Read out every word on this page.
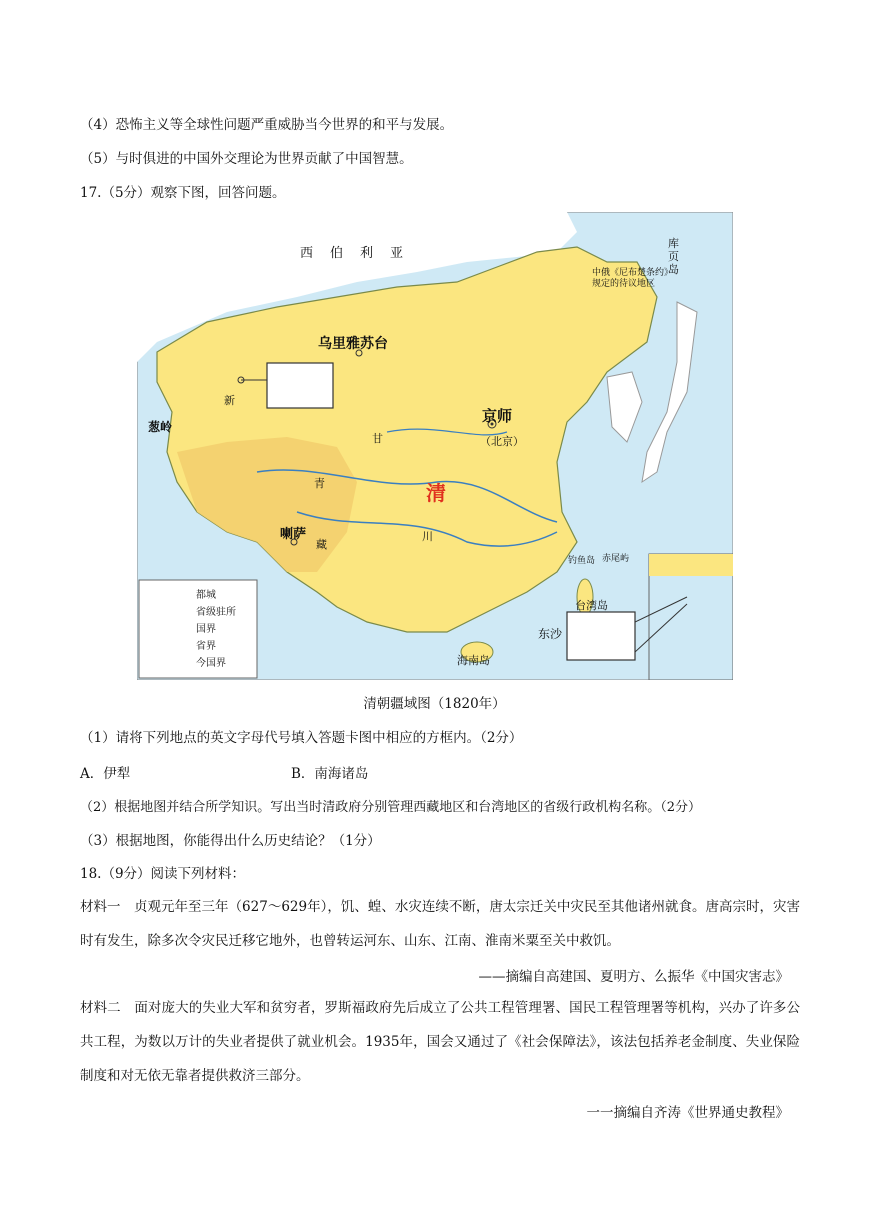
（4）恐怖主义等全球性问题严重威胁当今世界的和平与发展。
（5）与时俱进的中国外交理论为世界贡献了中国智慧。
17.（5分）观察下图，回答问题。
西　伯　利　亚
乌里雅苏台
京师
（北京）
清
喇萨
葱岭
库页岛
中俄《尼布楚条约》规定的待议地区
台湾岛
海南岛
东沙
钓鱼岛 赤尾屿
新
青
藏
甘
川
都城
省级驻所
国界
省界
今国界
清朝疆域图（1820年）
（1）请将下列地点的英文字母代号填入答题卡图中相应的方框内。（2分）
A．伊犁	B．南海诸岛
（2）根据地图并结合所学知识。写出当时清政府分别管理西藏地区和台湾地区的省级行政机构名称。（2分）
（3）根据地图，你能得出什么历史结论？（1分）
18.（9分）阅读下列材料：
材料一　贞观元年至三年（627～629年），饥、蝗、水灾连续不断，唐太宗迁关中灾民至其他诸州就食。唐高宗时，灾害时有发生，除多次令灾民迁移它地外，也曾转运河东、山东、江南、淮南米粟至关中救饥。
——摘编自高建国、夏明方、么振华《中国灾害志》
材料二　面对庞大的失业大军和贫穷者，罗斯福政府先后成立了公共工程管理署、国民工程管理署等机构，兴办了许多公共工程，为数以万计的失业者提供了就业机会。1935年，国会又通过了《社会保障法》，该法包括养老金制度、失业保险制度和对无依无靠者提供救济三部分。
一一摘编自齐涛《世界通史教程》
